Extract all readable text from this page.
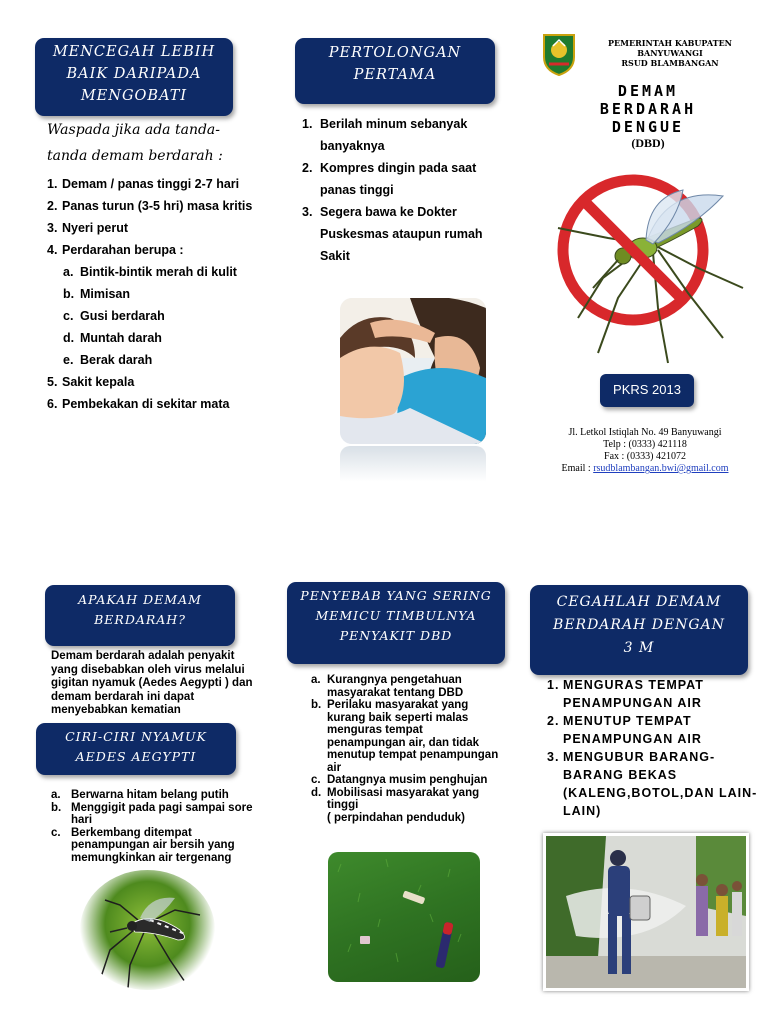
MENCEGAH LEBIH
BAIK DARIPADA
MENGOBATI
Waspada jika ada tanda-
tanda demam berdarah :
1. Demam / panas tinggi 2-7 hari
2. Panas turun (3-5 hri) masa kritis
3. Nyeri perut
4. Perdarahan berupa :
a. Bintik-bintik merah di kulit
b. Mimisan
c. Gusi berdarah
d. Muntah darah
e. Berak darah
5. Sakit kepala
6. Pembekakan di sekitar mata
PERTOLONGAN
PERTAMA
1. Berilah minum sebanyak
banyaknya
2. Kompres dingin pada saat
panas tinggi
3. Segera bawa ke Dokter
Puskesmas ataupun rumah
Sakit
PEMERINTAH KABUPATEN BANYUWANGI
RSUD BLAMBANGAN
DEMAM
BERDARAH
DENGUE
(DBD)
PKRS 2013
Jl. Letkol Istiqlah No. 49 Banyuwangi
Telp : (0333) 421118
Fax : (0333) 421072
Email : rsudblambangan.bwi@gmail.com
APAKAH DEMAM
BERDARAH?
Demam berdarah adalah penyakit
yang disebabkan oleh virus melalui
gigitan nyamuk (Aedes Aegypti ) dan
demam berdarah ini dapat
menyebabkan kematian
CIRI-CIRI NYAMUK
AEDES AEGYPTI
a. Berwarna hitam belang putih
b. Menggigit pada pagi sampai sore
hari
c. Berkembang ditempat
penampungan air bersih yang
memungkinkan air tergenang
PENYEBAB YANG SERING
MEMICU TIMBULNYA
PENYAKIT DBD
a. Kurangnya pengetahuan
masyarakat tentang DBD
b. Perilaku masyarakat yang
kurang baik seperti malas
menguras tempat
penampungan air, dan tidak
menutup tempat penampungan
air
c. Datangnya musim penghujan
d. Mobilisasi masyarakat yang
tinggi
( perpindahan penduduk)
CEGAHLAH DEMAM
BERDARAH DENGAN
3 M
1. MENGURAS TEMPAT
PENAMPUNGAN AIR
2. MENUTUP TEMPAT
PENAMPUNGAN AIR
3. MENGUBUR BARANG-
BARANG BEKAS
(KALENG,BOTOL,DAN LAIN-
LAIN)
